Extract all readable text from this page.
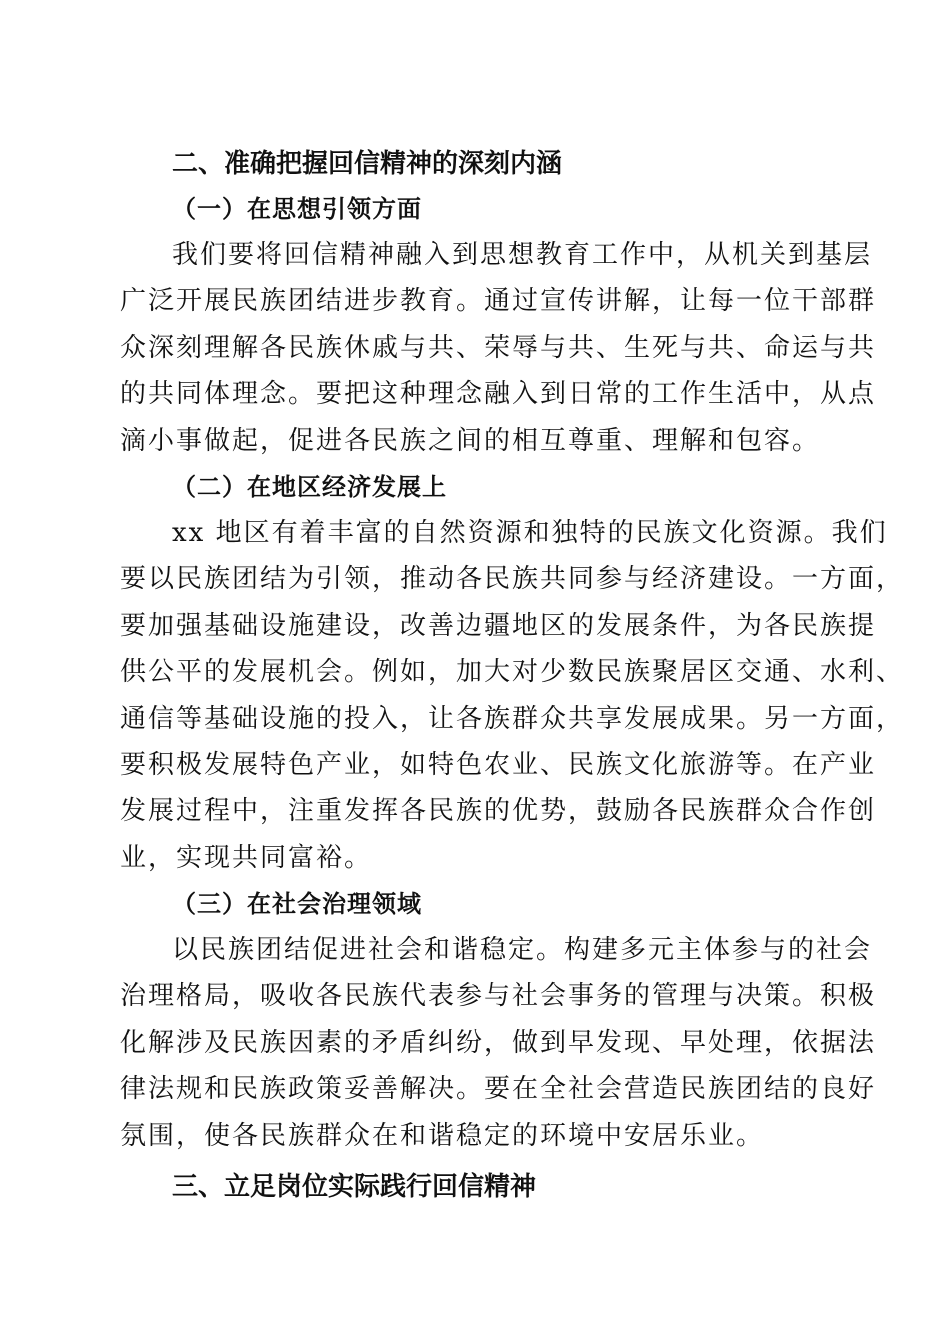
二、准确把握回信精神的深刻内涵
（一）在思想引领方面
我们要将回信精神融入到思想教育工作中，从机关到基层
广泛开展民族团结进步教育。通过宣传讲解，让每一位干部群
众深刻理解各民族休戚与共、荣辱与共、生死与共、命运与共
的共同体理念。要把这种理念融入到日常的工作生活中，从点
滴小事做起，促进各民族之间的相互尊重、理解和包容。
（二）在地区经济发展上
xx 地区有着丰富的自然资源和独特的民族文化资源。我们
要以民族团结为引领，推动各民族共同参与经济建设。一方面，
要加强基础设施建设，改善边疆地区的发展条件，为各民族提
供公平的发展机会。例如，加大对少数民族聚居区交通、水利、
通信等基础设施的投入，让各族群众共享发展成果。另一方面，
要积极发展特色产业，如特色农业、民族文化旅游等。在产业
发展过程中，注重发挥各民族的优势，鼓励各民族群众合作创
业，实现共同富裕。
（三）在社会治理领域
以民族团结促进社会和谐稳定。构建多元主体参与的社会
治理格局，吸收各民族代表参与社会事务的管理与决策。积极
化解涉及民族因素的矛盾纠纷，做到早发现、早处理，依据法
律法规和民族政策妥善解决。要在全社会营造民族团结的良好
氛围，使各民族群众在和谐稳定的环境中安居乐业。
三、立足岗位实际践行回信精神
